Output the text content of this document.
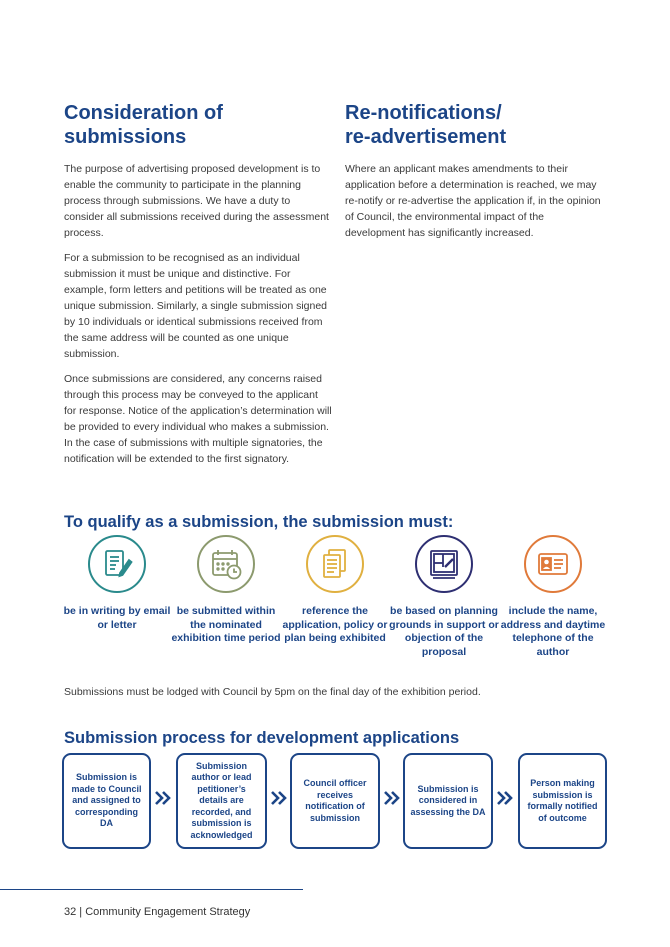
Consideration of
submissions

The purpose of advertising proposed development is to enable the community to participate in the planning process through submissions. We have a duty to consider all submissions received during the assessment process.

For a submission to be recognised as an individual submission it must be unique and distinctive. For example, form letters and petitions will be treated as one unique submission. Similarly, a single submission signed by 10 individuals or identical submissions received from the same address will be counted as one unique submission.

Once submissions are considered, any concerns raised through this process may be conveyed to the applicant for response. Notice of the application’s determination will be provided to every individual who makes a submission. In the case of submissions with multiple signatories, the notification will be extended to the first signatory.

Re-notifications/
re-advertisement

Where an applicant makes amendments to their application before a determination is reached, we may re-notify or re-advertise the application if, in the opinion of Council, the environmental impact of the development has significantly increased.

To qualify as a submission, the submission must:
be in writing by email or letter
be submitted within the nominated exhibition time period
reference the application, policy or plan being exhibited
be based on planning grounds in support or objection of the proposal
include the name, address and daytime telephone of the author
Submissions must be lodged with Council by 5pm on the final day of the exhibition period.
Submission process for development applications
Submission is made to Council and assigned to corresponding DA
Submission author or lead petitioner’s details are recorded, and submission is acknowledged
Council officer receives notification of submission
Submission is considered in assessing the DA
Person making submission is formally notified of outcome
32 | Community Engagement Strategy
